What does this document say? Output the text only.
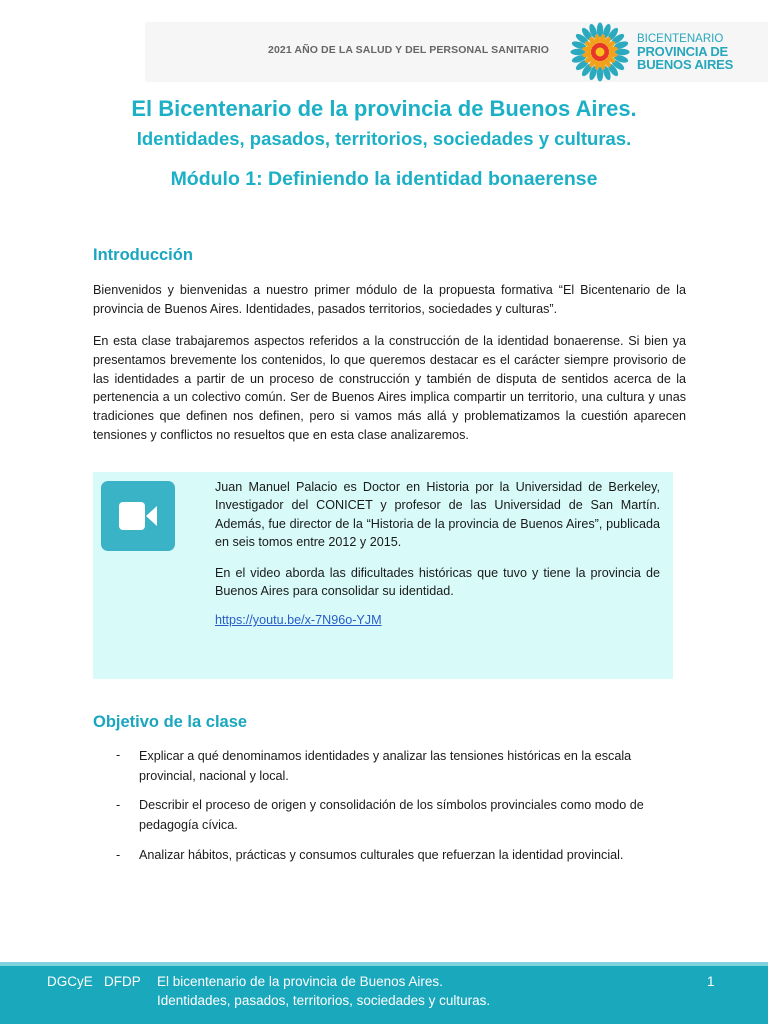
2021 AÑO DE LA SALUD Y DEL PERSONAL SANITARIO
BICENTENARIO
PROVINCIA DE
BUENOS AIRES
El Bicentenario de la provincia de Buenos Aires.
Identidades, pasados, territorios, sociedades y culturas.
Módulo 1: Definiendo la identidad bonaerense
Introducción
Bienvenidos y bienvenidas a nuestro primer módulo de la propuesta formativa “El Bicentenario de la provincia de Buenos Aires. Identidades, pasados territorios, sociedades y culturas”.
En esta clase trabajaremos aspectos referidos a la construcción de la identidad bonaerense. Si bien ya presentamos brevemente los contenidos, lo que queremos destacar es el carácter siempre provisorio de las identidades a partir de un proceso de construcción y también de disputa de sentidos acerca de la pertenencia a un colectivo común. Ser de Buenos Aires implica compartir un territorio, una cultura y unas tradiciones que definen nos definen, pero si vamos más allá y problematizamos la cuestión aparecen tensiones y conflictos no resueltos que en esta clase analizaremos.
Juan Manuel Palacio es Doctor en Historia por la Universidad de Berkeley, Investigador del CONICET y profesor de las Universidad de San Martín. Además, fue director de la “Historia de la provincia de Buenos Aires”, publicada en seis tomos entre 2012 y 2015.
En el video aborda las dificultades históricas que tuvo y tiene la provincia de Buenos Aires para consolidar su identidad.
https://youtu.be/x-7N96o-YJM
Objetivo de la clase
- Explicar a qué denominamos identidades y analizar las tensiones históricas en la escala provincial, nacional y local.
- Describir el proceso de origen y consolidación de los símbolos provinciales como modo de pedagogía cívica.
- Analizar hábitos, prácticas y consumos culturales que refuerzan la identidad provincial.
DGCyE   DFDP El bicentenario de la provincia de Buenos Aires.
Identidades, pasados, territorios, sociedades y culturas.
1
